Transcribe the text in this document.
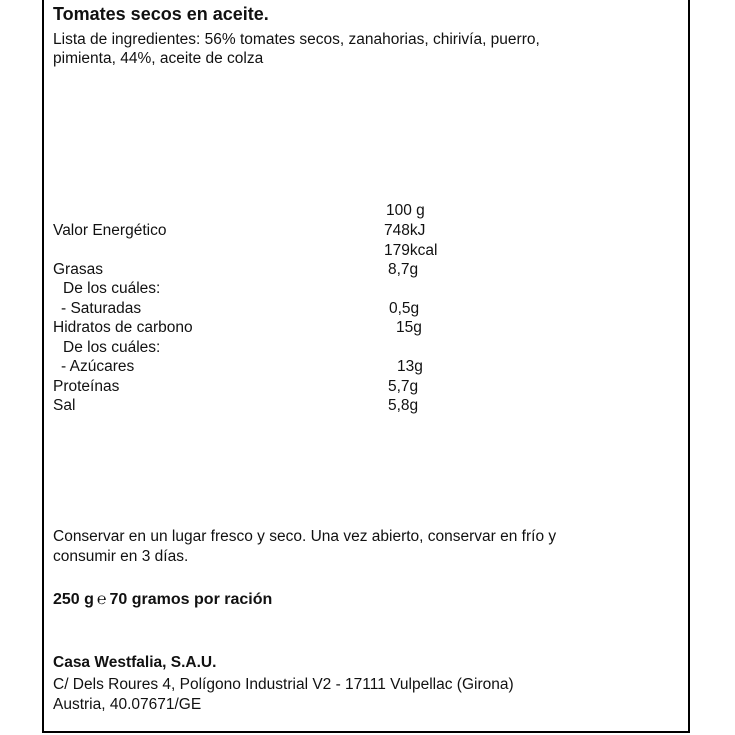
Tomates secos en aceite.
Lista de ingredientes: 56% tomates secos, zanahorias, chirivía, puerro,
pimienta, 44%, aceite de colza
100 g
Valor Energético	748kJ
179kcal
Grasas	8,7g
De los cuáles:
- Saturadas	0,5g
Hidratos de carbono	15g
De los cuáles:
- Azúcares	13g
Proteínas	5,7g
Sal	5,8g
Conservar en un lugar fresco y seco. Una vez abierto, conservar en frío y
consumir en 3 días.
250 g ℮ 70 gramos por ración
Casa Westfalia, S.A.U.
C/ Dels Roures 4, Polígono Industrial V2 - 17111 Vulpellac (Girona)
Austria, 40.07671/GE
